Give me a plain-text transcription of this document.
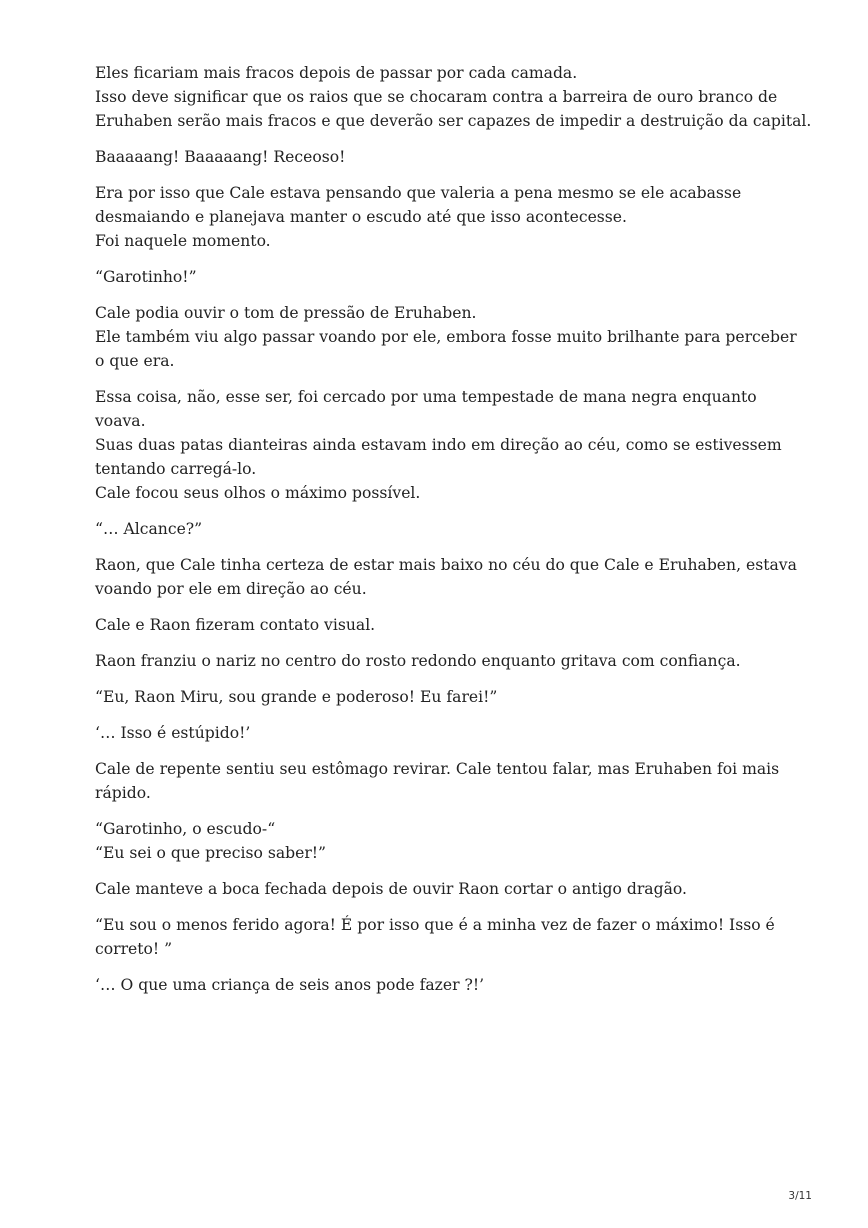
Eles ficariam mais fracos depois de passar por cada camada.
Isso deve significar que os raios que se chocaram contra a barreira de ouro branco de
Eruhaben serão mais fracos e que deverão ser capazes de impedir a destruição da capital.

Baaaaang! Baaaaang! Receoso!

Era por isso que Cale estava pensando que valeria a pena mesmo se ele acabasse
desmaiando e planejava manter o escudo até que isso acontecesse.
Foi naquele momento.

“Garotinho!”

Cale podia ouvir o tom de pressão de Eruhaben.
Ele também viu algo passar voando por ele, embora fosse muito brilhante para perceber
o que era.

Essa coisa, não, esse ser, foi cercado por uma tempestade de mana negra enquanto
voava.
Suas duas patas dianteiras ainda estavam indo em direção ao céu, como se estivessem
tentando carregá-lo.
Cale focou seus olhos o máximo possível.

“… Alcance?”

Raon, que Cale tinha certeza de estar mais baixo no céu do que Cale e Eruhaben, estava
voando por ele em direção ao céu.

Cale e Raon fizeram contato visual.

Raon franziu o nariz no centro do rosto redondo enquanto gritava com confiança.

“Eu, Raon Miru, sou grande e poderoso! Eu farei!”

‘… Isso é estúpido!’

Cale de repente sentiu seu estômago revirar. Cale tentou falar, mas Eruhaben foi mais
rápido.

“Garotinho, o escudo-“
“Eu sei o que preciso saber!”

Cale manteve a boca fechada depois de ouvir Raon cortar o antigo dragão.

“Eu sou o menos ferido agora! É por isso que é a minha vez de fazer o máximo! Isso é
correto! ”

‘… O que uma criança de seis anos pode fazer ?!’

3/11
